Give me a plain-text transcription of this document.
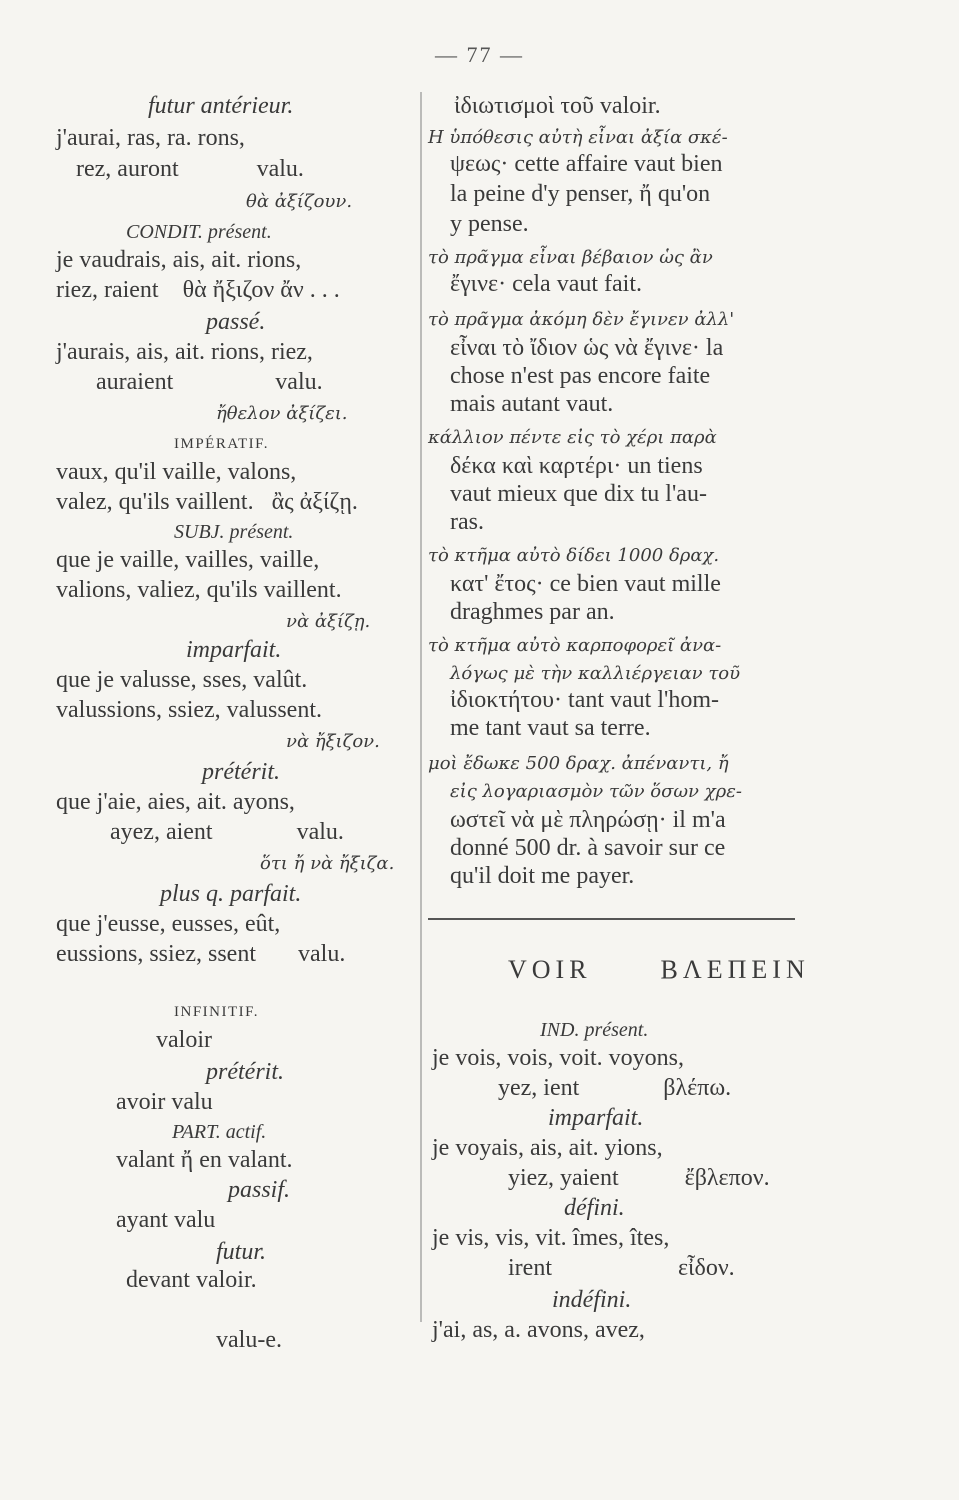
— 77 —
futur antérieur.
j'aurai, ras, ra. rons,
rez, auront             valu.
θὰ ἀξίζουν.
CONDIT. présent.
je vaudrais, ais, ait. rions,
riez, raient    θὰ ἤξιζον ἄν . . .
passé.
j'aurais, ais, ait. rions, riez,
auraient                 valu.
ἤθελον ἀξίζει.
IMPÉRATIF.
vaux, qu'il vaille, valons,
valez, qu'ils vaillent.   ἂς ἀξίζῃ.
SUBJ. présent.
que je vaille, vailles, vaille,
valions, valiez, qu'ils vaillent.
νὰ ἀξίζῃ.
imparfait.
que je valusse, sses, valût.
valussions, ssiez, valussent.
νὰ ἤξιζον.
prétérit.
que j'aie, aies, ait. ayons,
ayez, aient              valu.
ὅτι ἤ νὰ ἤξιζα.
plus q. parfait.
que j'eusse, eusses, eût,
eussions, ssiez, ssent       valu.
INFINITIF.
valoir
prétérit.
avoir valu
PART. actif.
valant ἤ en valant.
passif.
ayant valu
futur.
devant valoir.
valu-e.
ἰδιωτισμοὶ τοῦ valoir.
Η ὑπόθεσις αὐτὴ εἶναι ἀξία σκέ-
ψεως· cette affaire vaut bien
la peine d'y penser, ἤ qu'on
y pense.
τὸ πρᾶγμα εἶναι βέβαιον ὡς ἂν
ἔγινε· cela vaut fait.
τὸ πρᾶγμα ἀκόμη δὲν ἔγινεν ἀλλ'
εἶναι τὸ ἴδιον ὡς νὰ ἔγινε· la
chose n'est pas encore faite
mais autant vaut.
κάλλιον πέντε εἰς τὸ χέρι παρὰ
δέκα καὶ καρτέρι· un tiens
vaut mieux que dix tu l'au-
ras.
τὸ κτῆμα αὐτὸ δίδει 1000 δραχ.
κατ' ἔτος· ce bien vaut mille
draghmes par an.
τὸ κτῆμα αὐτὸ καρποφορεῖ ἀνα-
λόγως μὲ τὴν καλλιέργειαν τοῦ
ἰδιοκτήτου· tant vaut l'hom-
me tant vaut sa terre.
μοὶ ἔδωκε 500 δραχ. ἀπέναντι, ἤ
εἰς λογαριασμὸν τῶν ὅσων χρε-
ωστεῖ νὰ μὲ πληρώσῃ· il m'a
donné 500 dr. à savoir sur ce
qu'il doit me payer.
VOIR      ΒΛΕΠΕΙΝ
IND. présent.
je vois, vois, voit. voyons,
yez, ient              βλέπω.
imparfait.
je voyais, ais, ait. yions,
yiez, yaient           ἔβλεπον.
défini.
je vis, vis, vit. îmes, îtes,
irent                     εἶδον.
indéfini.
j'ai, as, a. avons, avez,
